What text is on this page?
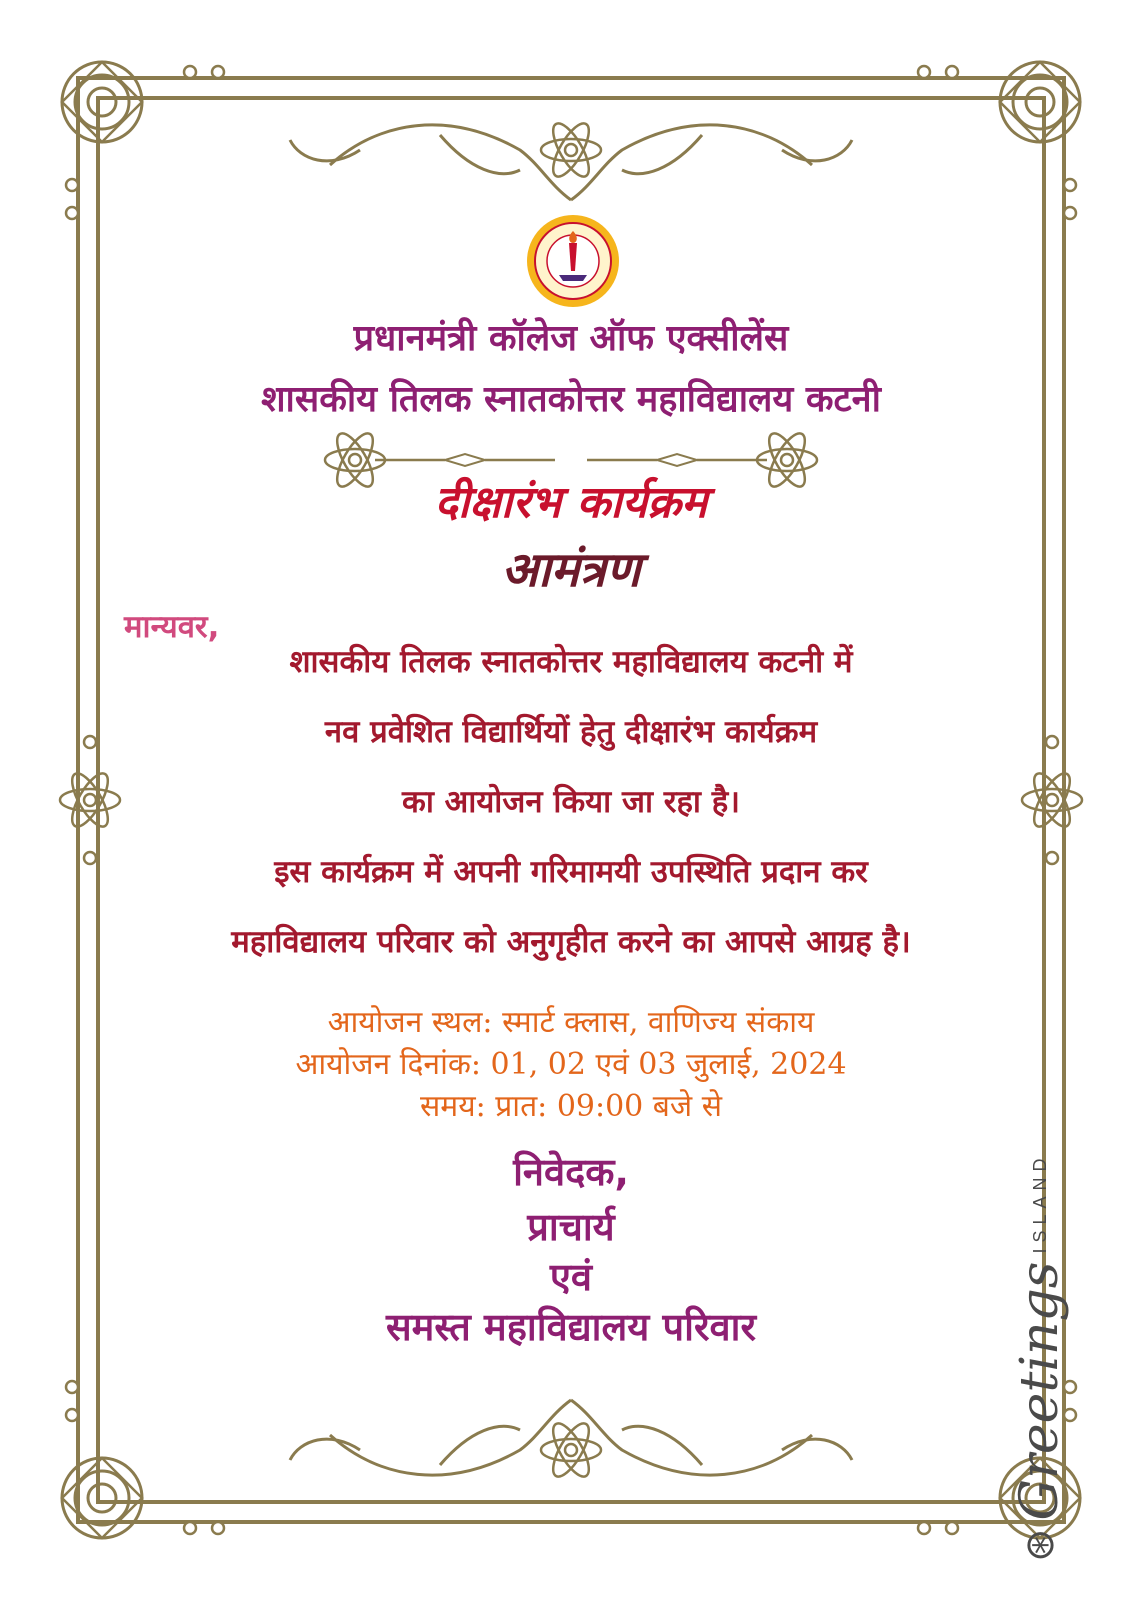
प्रधानमंत्री कॉलेज ऑफ एक्सीलेंस
शासकीय तिलक स्नातकोत्तर महाविद्यालय कटनी
दीक्षारंभ कार्यक्रम
आमंत्रण
मान्यवर,
शासकीय तिलक स्नातकोत्तर महाविद्यालय कटनी में
नव प्रवेशित विद्यार्थियों हेतु दीक्षारंभ कार्यक्रम
का आयोजन किया जा रहा है।
इस कार्यक्रम में अपनी गरिमामयी उपस्थिति प्रदान कर
महाविद्यालय परिवार को अनुगृहीत करने का आपसे आग्रह है।
आयोजन स्थल: स्मार्ट क्लास, वाणिज्य संकाय
आयोजन दिनांक: 01, 02 एवं 03 जुलाई, 2024
समय: प्रात: 09:00 बजे से
निवेदक,
प्राचार्य
एवं
समस्त महाविद्यालय परिवार
⊛
Greetings
ISLAND
